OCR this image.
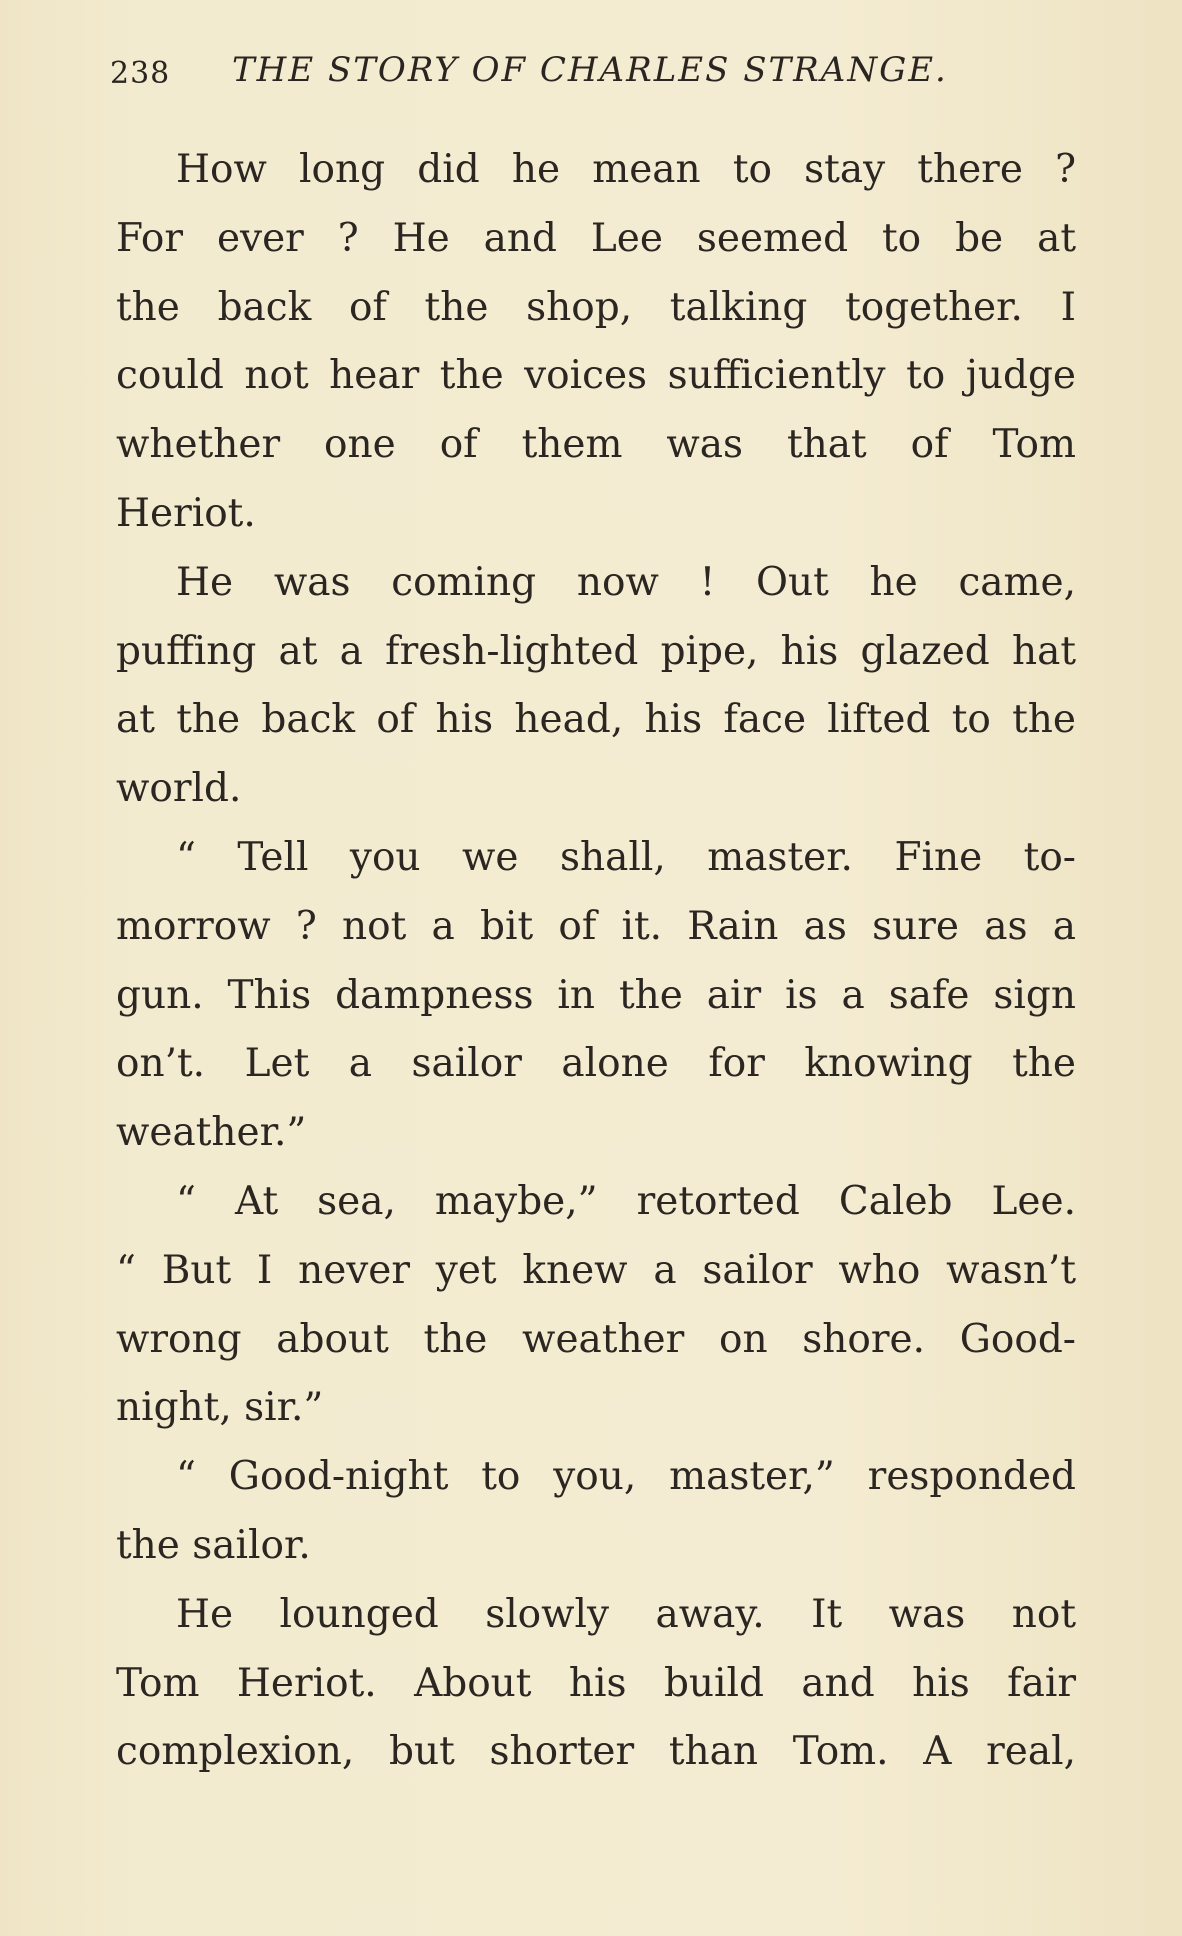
238 THE STORY OF CHARLES STRANGE.
How long did he mean to stay there ?
For ever ? He and Lee seemed to be at
the back of the shop, talking together. I
could not hear the voices sufficiently to judge
whether one of them was that of Tom
Heriot.
He was coming now ! Out he came,
puffing at a fresh-lighted pipe, his glazed hat
at the back of his head, his face lifted to the
world.
“ Tell you we shall, master. Fine to-
morrow ? not a bit of it. Rain as sure as a
gun. This dampness in the air is a safe sign
on’t. Let a sailor alone for knowing the
weather.”
“ At sea, maybe,” retorted Caleb Lee.
“ But I never yet knew a sailor who wasn’t
wrong about the weather on shore. Good-
night, sir.”
“ Good-night to you, master,” responded
the sailor.
He lounged slowly away. It was not
Tom Heriot. About his build and his fair
complexion, but shorter than Tom. A real,
